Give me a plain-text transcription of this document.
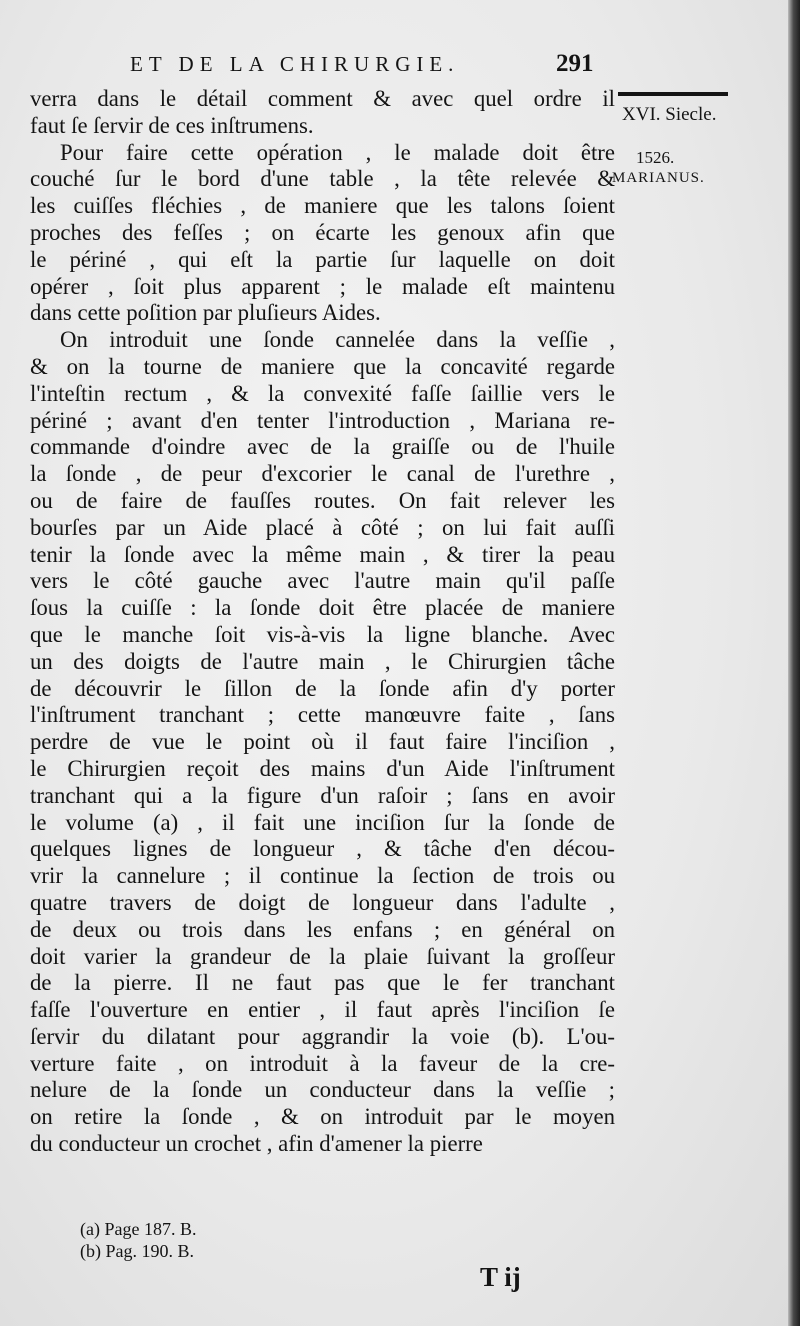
ET DE LA CHIRURGIE.	291
XVI. Siecle.
1526.
MARIANUS.
verra dans le détail comment & avec quel ordre il
faut ſe ſervir de ces inſtrumens.
Pour faire cette opération , le malade doit être
couché ſur le bord d'une table , la tête relevée &
les cuiſſes fléchies , de maniere que les talons ſoient
proches des feſſes ; on écarte les genoux afin que
le périné , qui eſt la partie ſur laquelle on doit
opérer , ſoit plus apparent ; le malade eſt maintenu
dans cette poſition par pluſieurs Aides.
On introduit une ſonde cannelée dans la veſſie ,
& on la tourne de maniere que la concavité regarde
l'inteſtin rectum , & la convexité faſſe ſaillie vers le
périné ; avant d'en tenter l'introduction , Mariana re-
commande d'oindre avec de la graiſſe ou de l'huile
la ſonde , de peur d'excorier le canal de l'urethre ,
ou de faire de fauſſes routes. On fait relever les
bourſes par un Aide placé à côté ; on lui fait auſſi
tenir la ſonde avec la même main , & tirer la peau
vers le côté gauche avec l'autre main qu'il paſſe
ſous la cuiſſe : la ſonde doit être placée de maniere
que le manche ſoit vis-à-vis la ligne blanche. Avec
un des doigts de l'autre main , le Chirurgien tâche
de découvrir le ſillon de la ſonde afin d'y porter
l'inſtrument tranchant ; cette manœuvre faite , ſans
perdre de vue le point où il faut faire l'inciſion ,
le Chirurgien reçoit des mains d'un Aide l'inſtrument
tranchant qui a la figure d'un raſoir ; ſans en avoir
le volume (a) , il fait une inciſion ſur la ſonde de
quelques lignes de longueur , & tâche d'en décou-
vrir la cannelure ; il continue la ſection de trois ou
quatre travers de doigt de longueur dans l'adulte ,
de deux ou trois dans les enfans ; en général on
doit varier la grandeur de la plaie ſuivant la groſſeur
de la pierre. Il ne faut pas que le fer tranchant
faſſe l'ouverture en entier , il faut après l'inciſion ſe
ſervir du dilatant pour aggrandir la voie (b). L'ou-
verture faite , on introduit à la faveur de la cre-
nelure de la ſonde un conducteur dans la veſſie ;
on retire la ſonde , & on introduit par le moyen
du conducteur un crochet , afin d'amener la pierre
(a) Page 187. B.
(b) Pag. 190. B.
T ij
